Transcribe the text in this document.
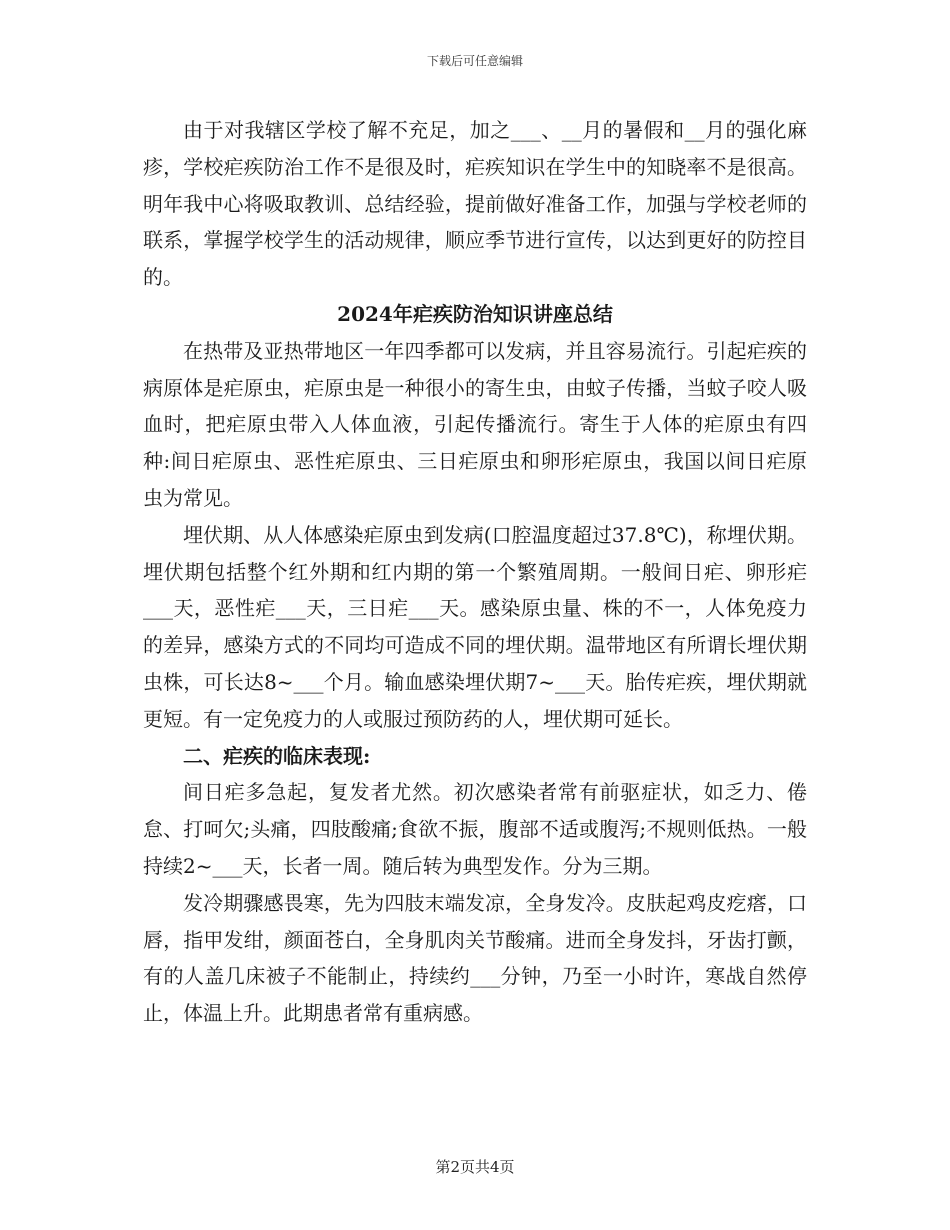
下载后可任意编辑

由于对我辖区学校了解不充足，加之___、__月的暑假和__月的强化麻疹，学校疟疾防治工作不是很及时，疟疾知识在学生中的知晓率不是很高。明年我中心将吸取教训、总结经验，提前做好准备工作，加强与学校老师的联系，掌握学校学生的活动规律，顺应季节进行宣传，以达到更好的防控目的。

2024年疟疾防治知识讲座总结

在热带及亚热带地区一年四季都可以发病，并且容易流行。引起疟疾的病原体是疟原虫，疟原虫是一种很小的寄生虫，由蚊子传播，当蚊子咬人吸血时，把疟原虫带入人体血液，引起传播流行。寄生于人体的疟原虫有四种:间日疟原虫、恶性疟原虫、三日疟原虫和卵形疟原虫，我国以间日疟原虫为常见。

埋伏期、从人体感染疟原虫到发病(口腔温度超过37.8℃)，称埋伏期。埋伏期包括整个红外期和红内期的第一个繁殖周期。一般间日疟、卵形疟___天，恶性疟___天，三日疟___天。感染原虫量、株的不一，人体免疫力的差异，感染方式的不同均可造成不同的埋伏期。温带地区有所谓长埋伏期虫株，可长达8~___个月。输血感染埋伏期7~___天。胎传疟疾，埋伏期就更短。有一定免疫力的人或服过预防药的人，埋伏期可延长。

二、疟疾的临床表现:

间日疟多急起，复发者尤然。初次感染者常有前驱症状，如乏力、倦怠、打呵欠;头痛，四肢酸痛;食欲不振，腹部不适或腹泻;不规则低热。一般持续2~___天，长者一周。随后转为典型发作。分为三期。

发冷期骤感畏寒，先为四肢末端发凉，全身发冷。皮肤起鸡皮疙瘩，口唇，指甲发绀，颜面苍白，全身肌肉关节酸痛。进而全身发抖，牙齿打颤，有的人盖几床被子不能制止，持续约___分钟，乃至一小时许，寒战自然停止，体温上升。此期患者常有重病感。

第2页共4页
